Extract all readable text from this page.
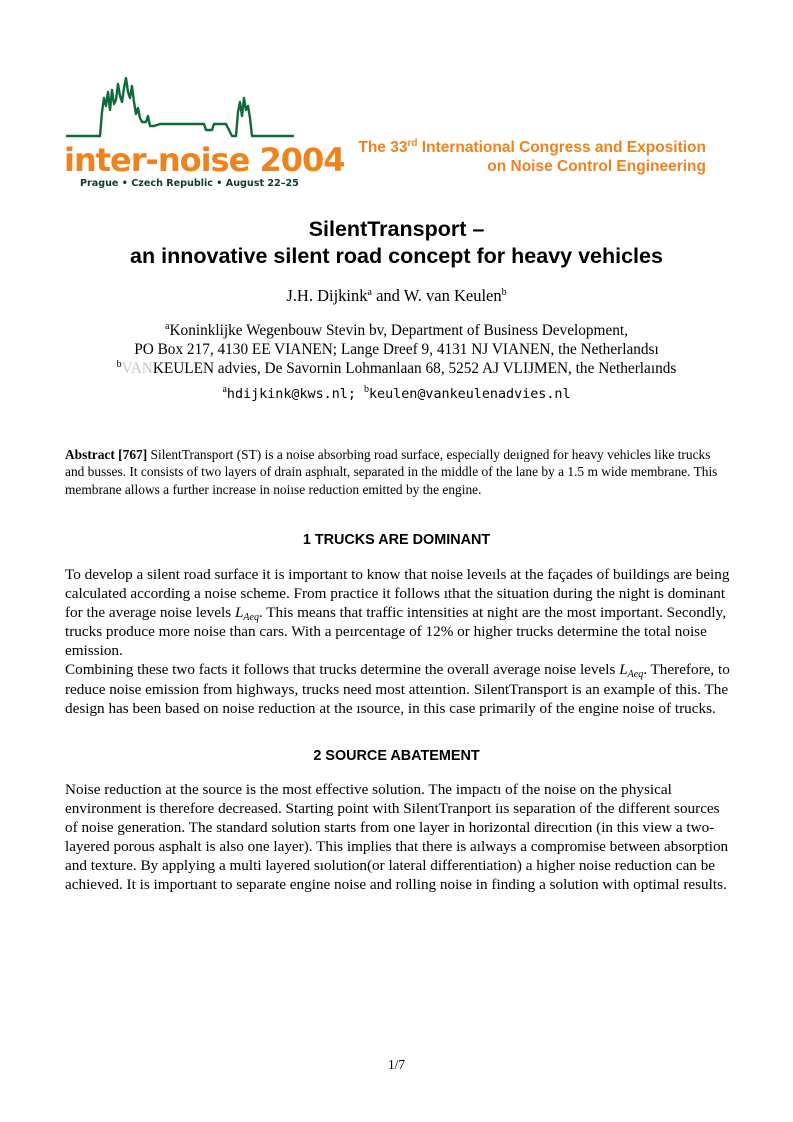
inter-noise 2004
Prague • Czech Republic • August 22–25
The 33rd International Congress and Exposition
on Noise Control Engineering
SilentTransport –
an innovative silent road concept for heavy vehicles
J.H. Dijkink$^a$ and W. van Keulen$^b$
$^a$Koninklijke Wegenbouw Stevin bv, Department of Business Development,
PO Box 217, 4130 EE VIANEN; Lange Dreef 9, 4131 NJ VIANEN, the Netherlandsı
$^b$VANKEULEN advies, De Savornin Lohmanlaan 68, 5252 AJ VLIJMEN, the Netherlaınds
$^a$hdijkink@kws.nl; $^b$keulen@vankeulenadvies.nl
Abstract [767] SilentTransport (ST) is a noise absorbing road surface, especially deıigned for heavy vehicles like trucks and busses. It consists of two layers of drain asphıalt, separated in the middle of the lane by a 1.5 m wide membrane. This membrane allows a further increase in noiıse reduction emitted by the engine.
1 TRUCKS ARE DOMINANT
To develop a silent road surface it is important to know that noise leveıls at the façades of buildings are being calculated according a noise scheme. From practice it follows ıthat the situation during the night is dominant for the average noise levels $L_{Aeq}$. This means that traffic intensities at night are the most important. Secondly, trucks produce more noise than cars. With a peırcentage of 12% or higher trucks determine the total noise emission.
Combining these two facts it follows that trucks determine the overall average noise levels $L_{Aeq}$. Therefore, to reduce noise emission from highways, trucks need most atteıntion. SilentTransport is an example of this. The design has been based on noise reduction at the ısource, in this case primarily of the engine noise of trucks.
2 SOURCE ABATEMENT
Noise reduction at the source is the most effective solution. The impactı of the noise on the physical environment is therefore decreased. Starting point with SilentTranport iıs separation of the different sources of noise generation. The standard solution starts from one layer in horizontal direcıtion (in this view a two-layered porous asphalt is also one layer). This implies that there is aılways a compromise between absorption and texture. By applying a multi layered sıolution(or lateral differentiation) a higher noise reduction can be achieved. It is importıant to separate engine noise and rolling noise in finding a solution with optimal results.
1/7
